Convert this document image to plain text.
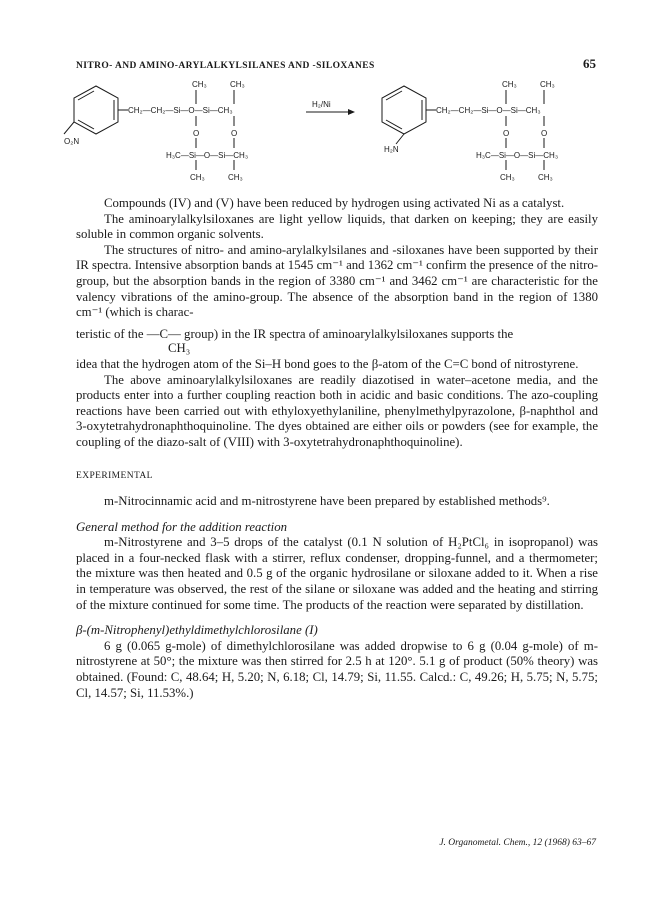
NITRO- AND AMINO-ARYLALKYLSILANES AND -SILOXANES	65
CH₃	CH₃
CH₂—CH₂—Si—O—Si—CH₃
O	O
H₃C—Si—O—Si—CH₃
CH₃	CH₃
O₂N
H₂/Ni
CH₃	CH₃
CH₂—CH₂—Si—O—Si—CH₃
O	O
H₃C—Si—O—Si—CH₃
CH₃	CH₃
H₂N

Compounds (IV) and (V) have been reduced by hydrogen using activated Ni as a catalyst.

The aminoarylalkylsiloxanes are light yellow liquids, that darken on keeping; they are easily soluble in common organic solvents.

The structures of nitro- and amino-arylalkylsilanes and -siloxanes have been supported by their IR spectra. Intensive absorption bands at 1545 cm⁻¹ and 1362 cm⁻¹ confirm the presence of the nitro-group, but the absorption bands in the region of 3380 cm⁻¹ and 3462 cm⁻¹ are characteristic for the valency vibrations of the amino-group. The absence of the absorption band in the region of 1380 cm⁻¹ (which is charac-

teristic of the —C— group) in the IR spectra of aminoarylalkylsiloxanes supports the

CH₃

idea that the hydrogen atom of the Si–H bond goes to the β-atom of the C=C bond of nitrostyrene.

The above aminoarylalkylsiloxanes are readily diazotised in water–acetone media, and the products enter into a further coupling reaction both in acidic and basic conditions. The azo-coupling reactions have been carried out with ethyloxyethylaniline, phenylmethylpyrazolone, β-naphthol and 3-oxytetrahydronaphthoquinoline. The dyes obtained are either oils or powders (see for example, the coupling of the diazo-salt of (VIII) with 3-oxytetrahydronaphthoquinoline).

EXPERIMENTAL

m-Nitrocinnamic acid and m-nitrostyrene have been prepared by established methods⁹.

General method for the addition reaction

m-Nitrostyrene and 3–5 drops of the catalyst (0.1 N solution of H₂PtCl₆ in isopropanol) was placed in a four-necked flask with a stirrer, reflux condenser, dropping-funnel, and a thermometer; the mixture was then heated and 0.5 g of the organic hydrosilane or siloxane added to it. When a rise in temperature was observed, the rest of the silane or siloxane was added and the heating and stirring of the mixture continued for some time. The products of the reaction were separated by distillation.

β-(m-Nitrophenyl)ethyldimethylchlorosilane (I)

6 g (0.065 g-mole) of dimethylchlorosilane was added dropwise to 6 g (0.04 g-mole) of m-nitrostyrene at 50°; the mixture was then stirred for 2.5 h at 120°. 5.1 g of product (50% theory) was obtained. (Found: C, 48.64; H, 5.20; N, 6.18; Cl, 14.79; Si, 11.55. Calcd.: C, 49.26; H, 5.75; N, 5.75; Cl, 14.57; Si, 11.53%.)

J. Organometal. Chem., 12 (1968) 63–67
